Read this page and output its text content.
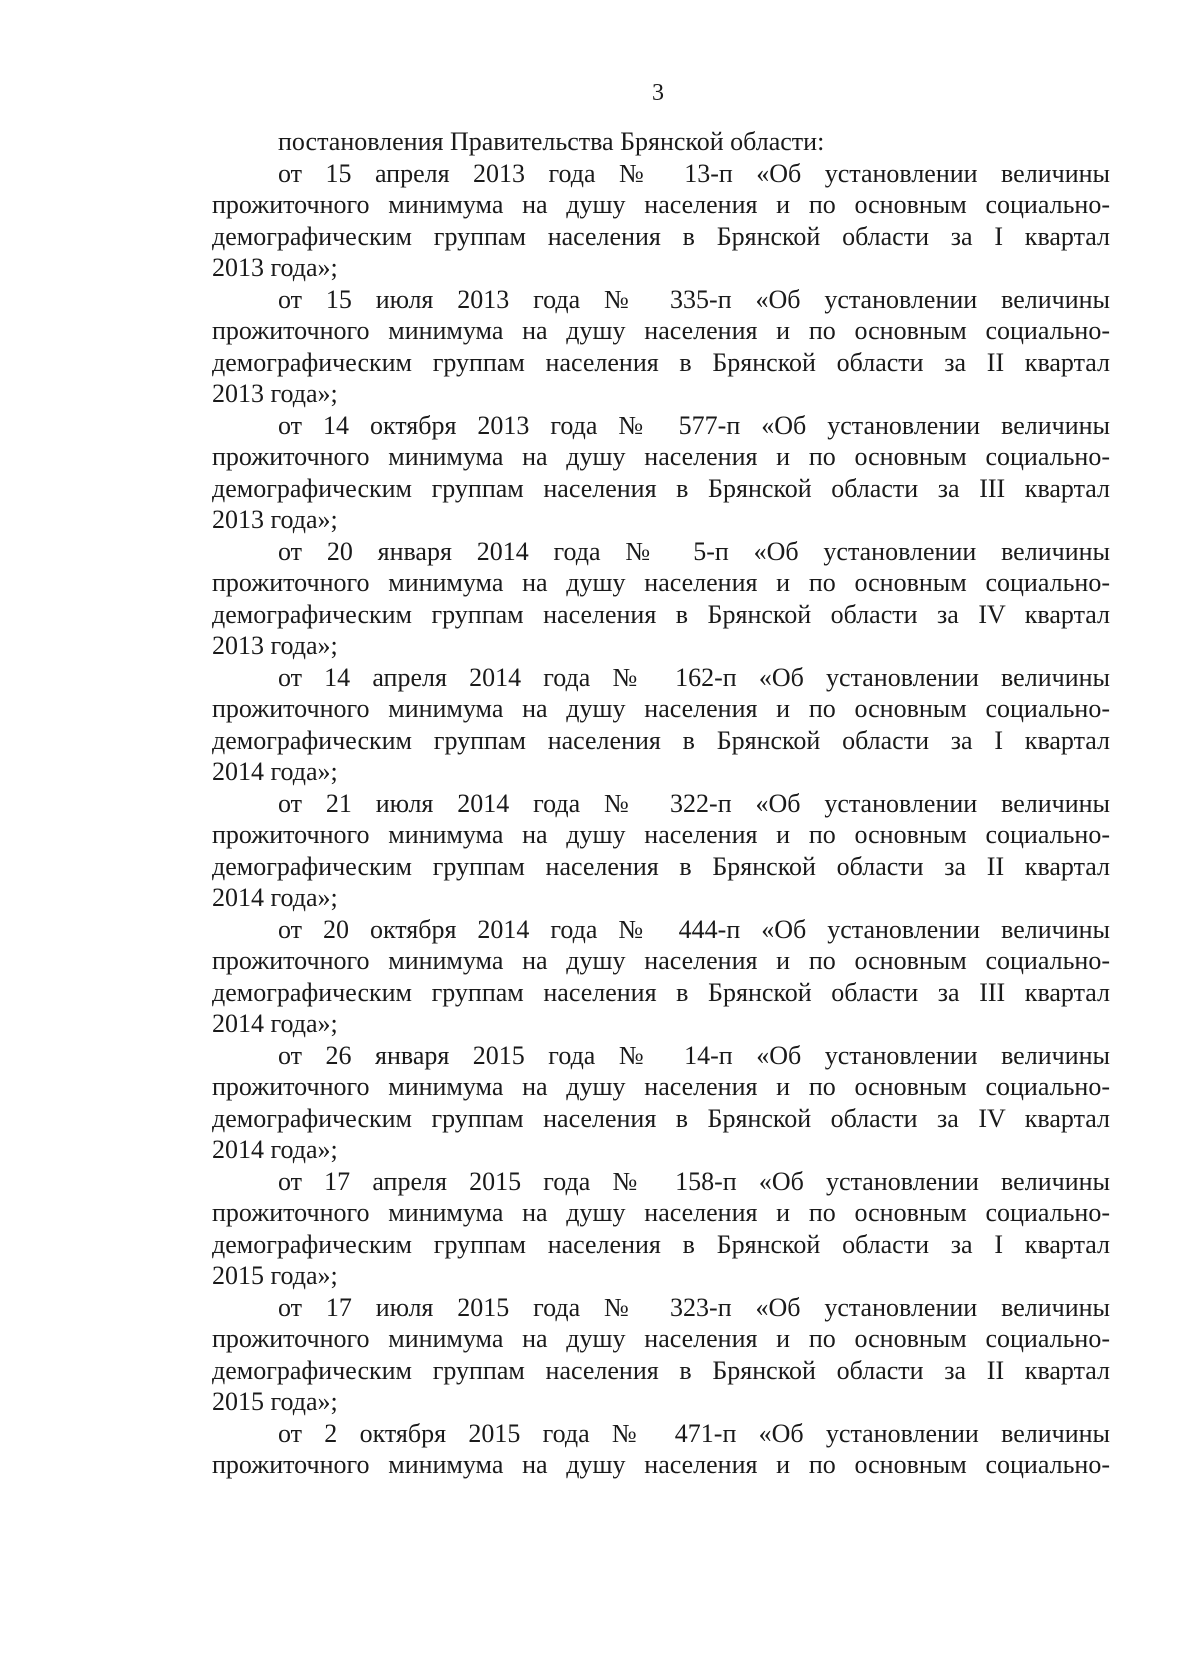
3

постановления Правительства Брянской области:

от 15 апреля 2013 года № 13-п «Об установлении величины
прожиточного минимума на душу населения и по основным социально-
демографическим группам населения в Брянской области за I квартал
2013 года»;

от 15 июля 2013 года № 335-п «Об установлении величины
прожиточного минимума на душу населения и по основным социально-
демографическим группам населения в Брянской области за II квартал
2013 года»;

от 14 октября 2013 года № 577-п «Об установлении величины
прожиточного минимума на душу населения и по основным социально-
демографическим группам населения в Брянской области за III квартал
2013 года»;

от 20 января 2014 года № 5-п «Об установлении величины
прожиточного минимума на душу населения и по основным социально-
демографическим группам населения в Брянской области за IV квартал
2013 года»;

от 14 апреля 2014 года № 162-п «Об установлении величины
прожиточного минимума на душу населения и по основным социально-
демографическим группам населения в Брянской области за I квартал
2014 года»;

от 21 июля 2014 года № 322-п «Об установлении величины
прожиточного минимума на душу населения и по основным социально-
демографическим группам населения в Брянской области за II квартал
2014 года»;

от 20 октября 2014 года № 444-п «Об установлении величины
прожиточного минимума на душу населения и по основным социально-
демографическим группам населения в Брянской области за III квартал
2014 года»;

от 26 января 2015 года № 14-п «Об установлении величины
прожиточного минимума на душу населения и по основным социально-
демографическим группам населения в Брянской области за IV квартал
2014 года»;

от 17 апреля 2015 года № 158-п «Об установлении величины
прожиточного минимума на душу населения и по основным социально-
демографическим группам населения в Брянской области за I квартал
2015 года»;

от 17 июля 2015 года № 323-п «Об установлении величины
прожиточного минимума на душу населения и по основным социально-
демографическим группам населения в Брянской области за II квартал
2015 года»;

от 2 октября 2015 года № 471-п «Об установлении величины
прожиточного минимума на душу населения и по основным социально-
